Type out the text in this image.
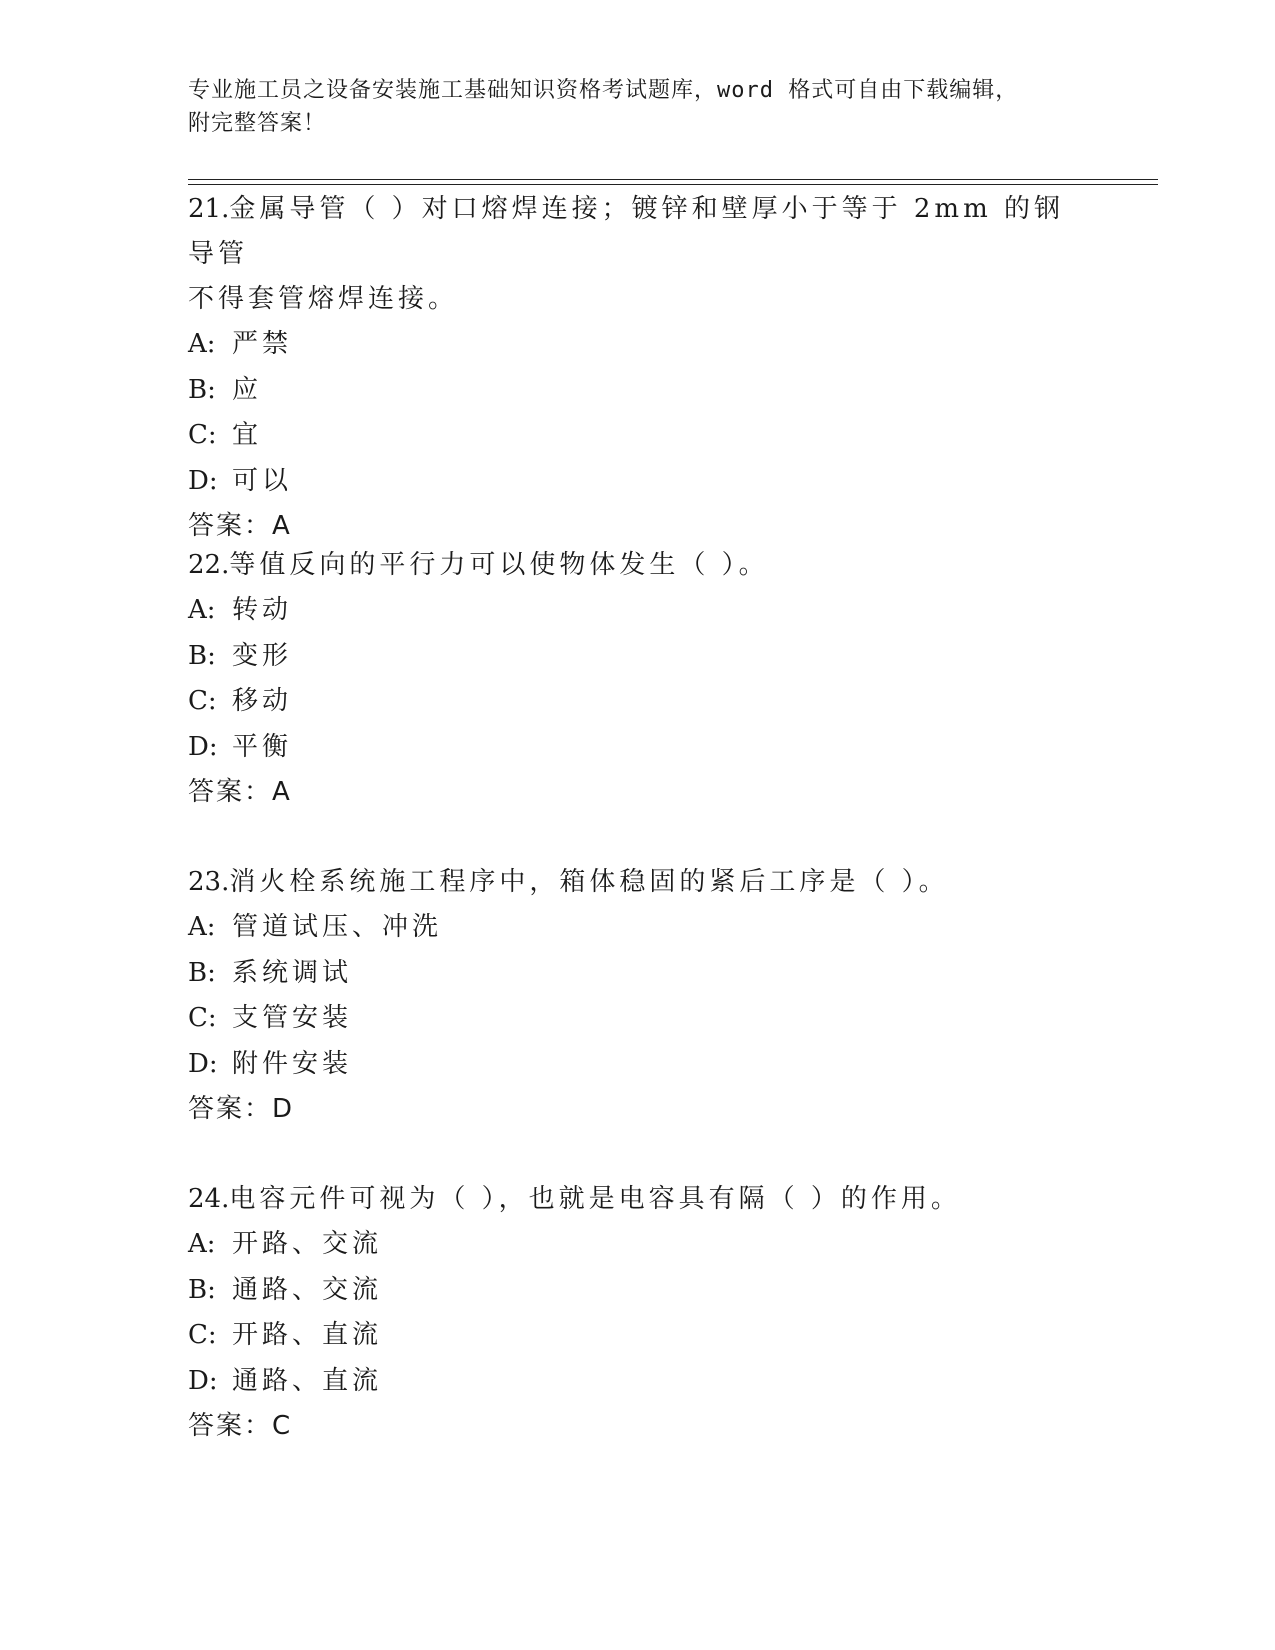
专业施工员之设备安装施工基础知识资格考试题库，word 格式可自由下载编辑，
附完整答案！
21.金属导管（ ）对口熔焊连接；镀锌和壁厚小于等于 2mm 的钢导管
不得套管熔焊连接。
A: 严禁
B: 应
C: 宜
D: 可以
答案：A
22.等值反向的平行力可以使物体发生（ ）。
A: 转动
B: 变形
C: 移动
D: 平衡
答案：A
23.消火栓系统施工程序中，箱体稳固的紧后工序是（ ）。
A: 管道试压、冲洗
B: 系统调试
C: 支管安装
D: 附件安装
答案：D
24.电容元件可视为（ ），也就是电容具有隔（ ）的作用。
A: 开路、交流
B: 通路、交流
C: 开路、直流
D: 通路、直流
答案：C
